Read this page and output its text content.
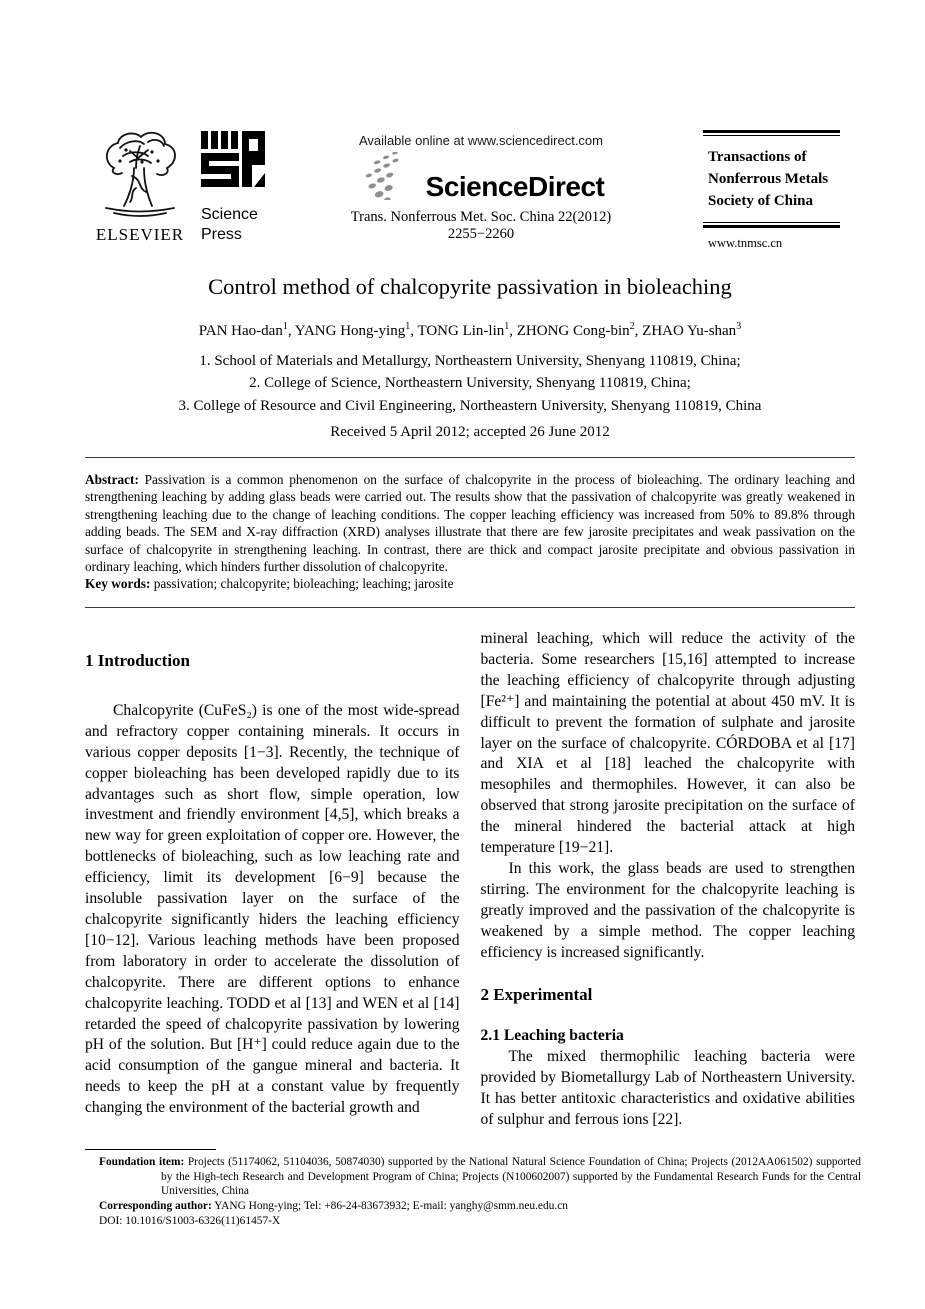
ELSEVIER
Science
Press
Available online at www.sciencedirect.com
ScienceDirect
Trans. Nonferrous Met. Soc. China 22(2012) 2255−2260
Transactions of
Nonferrous Metals
Society of China
www.tnmsc.cn
Control method of chalcopyrite passivation in bioleaching
PAN Hao-dan$^1$, YANG Hong-ying$^1$, TONG Lin-lin$^1$, ZHONG Cong-bin$^2$, ZHAO Yu-shan$^3$
1. School of Materials and Metallurgy, Northeastern University, Shenyang 110819, China;
2. College of Science, Northeastern University, Shenyang 110819, China;
3. College of Resource and Civil Engineering, Northeastern University, Shenyang 110819, China
Received 5 April 2012; accepted 26 June 2012
Abstract: Passivation is a common phenomenon on the surface of chalcopyrite in the process of bioleaching. The ordinary leaching and strengthening leaching by adding glass beads were carried out. The results show that the passivation of chalcopyrite was greatly weakened in strengthening leaching due to the change of leaching conditions. The copper leaching efficiency was increased from 50% to 89.8% through adding beads. The SEM and X-ray diffraction (XRD) analyses illustrate that there are few jarosite precipitates and weak passivation on the surface of chalcopyrite in strengthening leaching. In contrast, there are thick and compact jarosite precipitate and obvious passivation in ordinary leaching, which hinders further dissolution of chalcopyrite.
Key words: passivation; chalcopyrite; bioleaching; leaching; jarosite
1 Introduction

Chalcopyrite (CuFeS₂) is one of the most wide-spread and refractory copper containing minerals. It occurs in various copper deposits [1−3]. Recently, the technique of copper bioleaching has been developed rapidly due to its advantages such as short flow, simple operation, low investment and friendly environment [4,5], which breaks a new way for green exploitation of copper ore. However, the bottlenecks of bioleaching, such as low leaching rate and efficiency, limit its development [6−9] because the insoluble passivation layer on the surface of the chalcopyrite significantly hiders the leaching efficiency [10−12]. Various leaching methods have been proposed from laboratory in order to accelerate the dissolution of chalcopyrite. There are different options to enhance chalcopyrite leaching. TODD et al [13] and WEN et al [14] retarded the speed of chalcopyrite passivation by lowering pH of the solution. But [H⁺] could reduce again due to the acid consumption of the gangue mineral and bacteria. It needs to keep the pH at a constant value by frequently changing the environment of the bacterial growth and

mineral leaching, which will reduce the activity of the bacteria. Some researchers [15,16] attempted to increase the leaching efficiency of chalcopyrite through adjusting [Fe²⁺] and maintaining the potential at about 450 mV. It is difficult to prevent the formation of sulphate and jarosite layer on the surface of chalcopyrite. CÓRDOBA et al [17] and XIA et al [18] leached the chalcopyrite with mesophiles and thermophiles. However, it can also be observed that strong jarosite precipitation on the surface of the mineral hindered the bacterial attack at high temperature [19−21].

In this work, the glass beads are used to strengthen stirring. The environment for the chalcopyrite leaching is greatly improved and the passivation of the chalcopyrite is weakened by a simple method. The copper leaching efficiency is increased significantly.

2 Experimental
2.1 Leaching bacteria

The mixed thermophilic leaching bacteria were provided by Biometallurgy Lab of Northeastern University. It has better antitoxic characteristics and oxidative abilities of sulphur and ferrous ions [22].

Foundation item: Projects (51174062, 51104036, 50874030) supported by the National Natural Science Foundation of China; Projects (2012AA061502) supported by the High-tech Research and Development Program of China; Projects (N100602007) supported by the Fundamental Research Funds for the Central Universities, China
Corresponding author: YANG Hong-ying; Tel: +86-24-83673932; E-mail: yanghy@smm.neu.edu.cn
DOI: 10.1016/S1003-6326(11)61457-X
